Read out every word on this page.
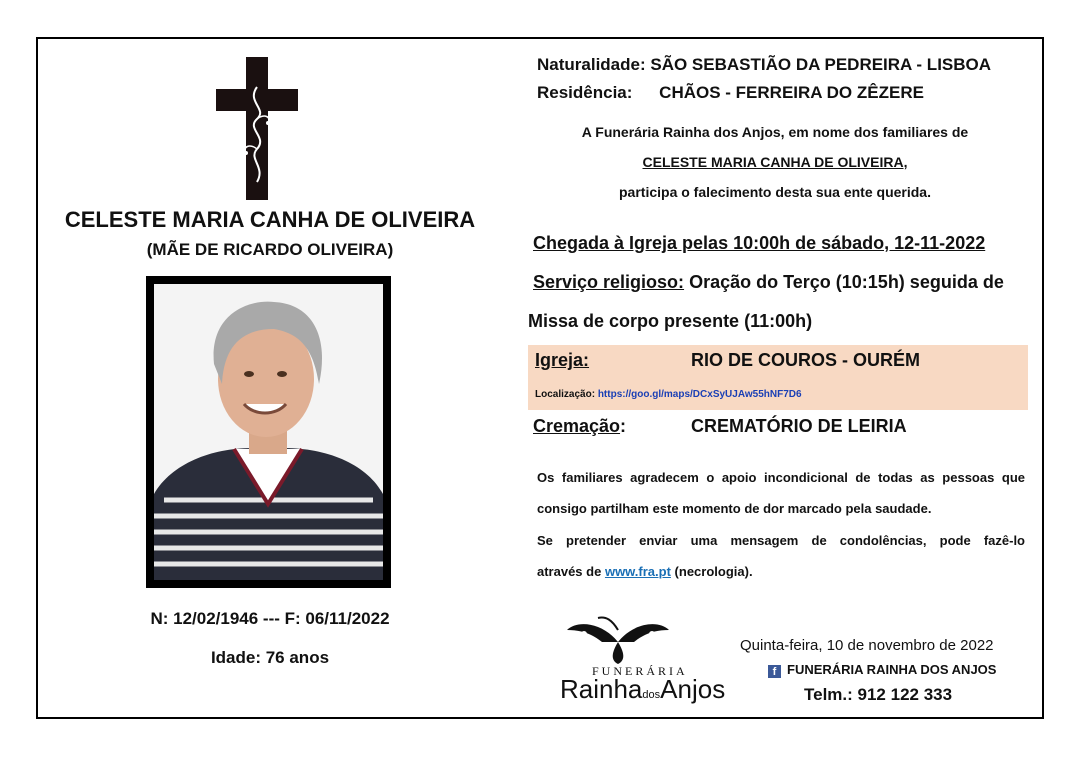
CELESTE MARIA CANHA DE OLIVEIRA
(MÃE DE RICARDO OLIVEIRA)
N: 12/02/1946 --- F: 06/11/2022
Idade: 76 anos
Naturalidade: SÃO SEBASTIÃO DA PEDREIRA - LISBOA
Residência: CHÃOS - FERREIRA DO ZÊZERE
A Funerária Rainha dos Anjos, em nome dos familiares de
CELESTE MARIA CANHA DE OLIVEIRA,
participa o falecimento desta sua ente querida.
Chegada à Igreja pelas 10:00h de sábado, 12-11-2022
Serviço religioso: Oração do Terço (10:15h) seguida de
Missa de corpo presente (11:00h)
Igreja:	RIO DE COUROS - OURÉM
Localização: https://goo.gl/maps/DCxSyUJAw55hNF7D6
Cremação:	CREMATÓRIO DE LEIRIA
Os familiares agradecem o apoio incondicional de todas as pessoas que
consigo partilham este momento de dor marcado pela saudade.
Se pretender enviar uma mensagem de condolências, pode fazê-lo
através de www.fra.pt (necrologia).
FUNERÁRIA
RainhadosAnjos
Quinta-feira, 10 de novembro de 2022
f FUNERÁRIA RAINHA DOS ANJOS
Telm.: 912 122 333
